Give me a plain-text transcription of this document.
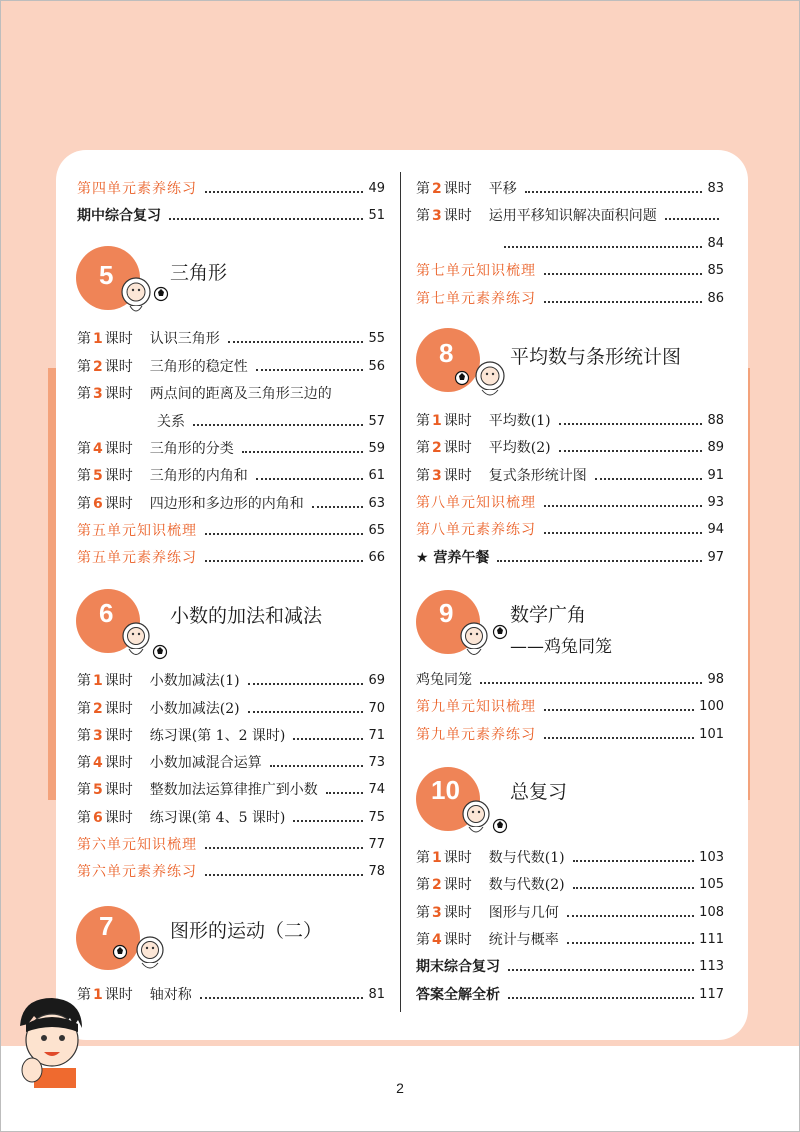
第四单元素养练习	49
期中综合复习	51
第 1 课时 认识三角形	55
第 2 课时 三角形的稳定性	56
第 3 课时 两点间的距离及三角形三边的
关系	57
第 4 课时 三角形的分类	59
第 5 课时 三角形的内角和	61
第 6 课时 四边形和多边形的内角和	63
第五单元知识梳理	65
第五单元素养练习	66
第 1 课时 小数加减法(1)	69
第 2 课时 小数加减法(2)	70
第 3 课时 练习课(第 1、2 课时)	71
第 4 课时 小数加减混合运算	73
第 5 课时 整数加法运算律推广到小数	74
第 6 课时 练习课(第 4、5 课时)	75
第六单元知识梳理	77
第六单元素养练习	78
第 1 课时 轴对称	81
第 2 课时 平移	83
第 3 课时 运用平移知识解决面积问题
84
第七单元知识梳理	85
第七单元素养练习	86
第 1 课时 平均数(1)	88
第 2 课时 平均数(2)	89
第 3 课时 复式条形统计图	91
第八单元知识梳理	93
第八单元素养练习	94
★ 营养午餐	97
鸡兔同笼	98
第九单元知识梳理	100
第九单元素养练习	101
第 1 课时 数与代数(1)	103
第 2 课时 数与代数(2)	105
第 3 课时 图形与几何	108
第 4 课时 统计与概率	111
期末综合复习	113
答案全解全析	117
5	三角形
6	小数的加法和减法
7	图形的运动（二）
8	平均数与条形统计图
9	数学广角
——鸡兔同笼
10	总复习
2
